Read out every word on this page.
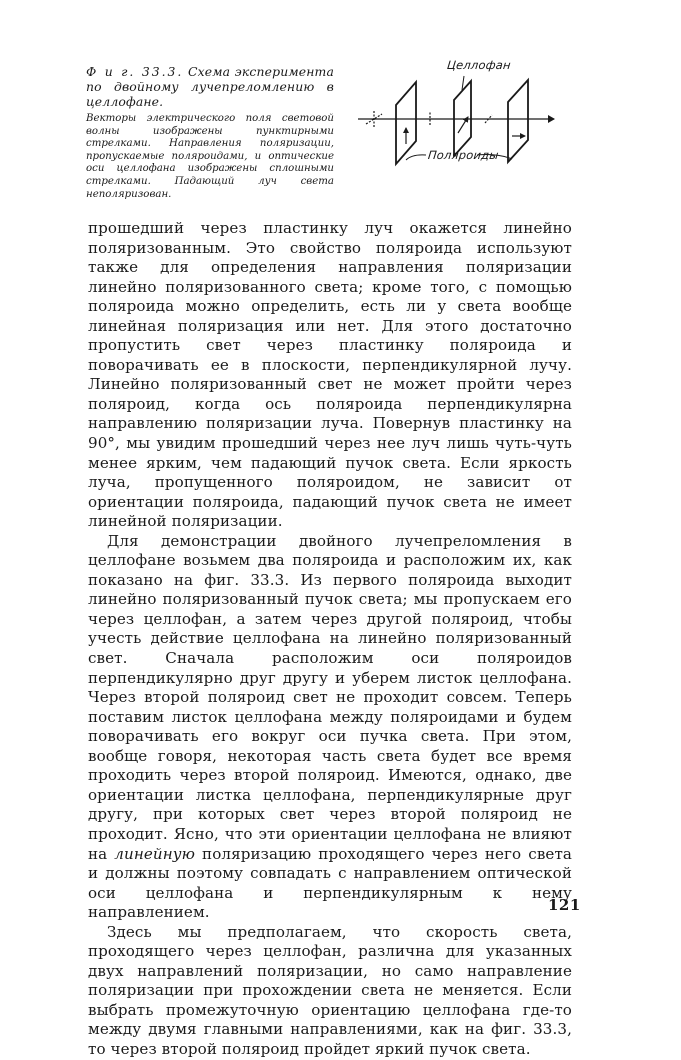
Ф и г. 33.3. Схема эксперимента по двойному лучепреломлению в целлофане.

Векторы электрического поля световой волны изображены пунктирными стрелками. Направления поляризации, пропускаемые поляроидами, и оптические оси целлофана изображены сплошными стрелками. Падающий луч света неполяризован.

Целлофан
Поляроиды

прошедший через пластинку луч окажется линейно поляризованным. Это свойство поляроида используют также для определения направления поляризации линейно поляризованного света; кроме того, с помощью поляроида можно определить, есть ли у света вообще линейная поляризация или нет. Для этого достаточно пропустить свет через пластинку поляроида и поворачивать ее в плоскости, перпендикулярной лучу. Линейно поляризованный свет не может пройти через поляроид, когда ось поляроида перпендикулярна направлению поляризации луча. Повернув пластинку на 90°, мы увидим прошедший через нее луч лишь чуть-чуть менее ярким, чем падающий пучок света. Если яркость луча, пропущенного поляроидом, не зависит от ориентации поляроида, падающий пучок света не имеет линейной поляризации.

Для демонстрации двойного лучепреломления в целлофане возьмем два поляроида и расположим их, как показано на фиг. 33.3. Из первого поляроида выходит линейно поляризованный пучок света; мы пропускаем его через целлофан, а затем через другой поляроид, чтобы учесть действие целлофана на линейно поляризованный свет. Сначала расположим оси поляроидов перпендикулярно друг другу и уберем листок целлофана. Через второй поляроид свет не проходит совсем. Теперь поставим листок целлофана между поляроидами и будем поворачивать его вокруг оси пучка света. При этом, вообще говоря, некоторая часть света будет все время проходить через второй поляроид. Имеются, однако, две ориентации листка целлофана, перпендикулярные друг другу, при которых свет через второй поляроид не проходит. Ясно, что эти ориентации целлофана не влияют на линейную поляризацию проходящего через него света и должны поэтому совпадать с направлением оптической оси целлофана и перпендикулярным к нему направлением.

Здесь мы предполагаем, что скорость света, проходящего через целлофан, различна для указанных двух направлений поляризации, но само направление поляризации при прохождении света не меняется. Если выбрать промежуточную ориентацию целлофана где-то между двумя главными направлениями, как на фиг. 33.3, то через второй поляроид пройдет яркий пучок света.

121
